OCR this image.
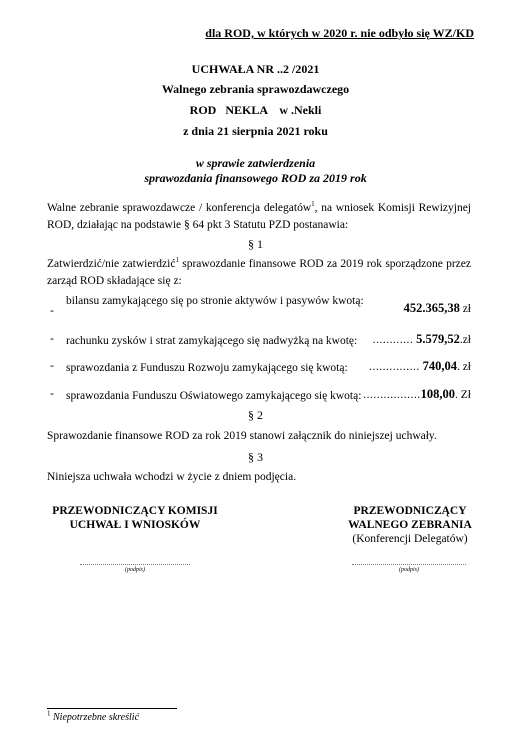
dla ROD, w których w 2020 r. nie odbyło się WZ/KD
UCHWAŁA NR ..2 /2021
Walnego zebrania sprawozdawczego
ROD   NEKLA    w .Nekli
z dnia 21 sierpnia 2021 roku
w sprawie zatwierdzenia
sprawozdania finansowego ROD za 2019 rok
Walne zebranie sprawozdawcze / konferencja delegatów$^1$, na wniosek Komisji Rewizyjnej ROD, działając na podstawie § 64 pkt 3 Statutu PZD postanawia:
§ 1
Zatwierdzić/nie zatwierdzić$^1$ sprawozdanie finansowe ROD za 2019 rok sporządzone przez zarząd ROD składające się z:
-
bilansu zamykającego się po stronie aktywów i pasywów kwotą:	452.365,38 zł
- rachunku zysków i strat zamykającego się nadwyżką na kwotę:	............ 5.579,52.zł
- sprawozdania z Funduszu Rozwoju zamykającego się kwotą:	............... 740,04. zł
- sprawozdania Funduszu Oświatowego zamykającego się kwotą: .................108,00. Zł
§ 2
Sprawozdanie finansowe ROD za rok 2019 stanowi załącznik do niniejszej uchwały.
§ 3
Niniejsza uchwała wchodzi w życie z dniem podjęcia.
PRZEWODNICZĄCY KOMISJI
UCHWAŁ I WNIOSKÓW
(podpis)
PRZEWODNICZĄCY
WALNEGO ZEBRANIA
(Konferencji Delegatów)
(podpis)
$^1$ Niepotrzebne skreślić
